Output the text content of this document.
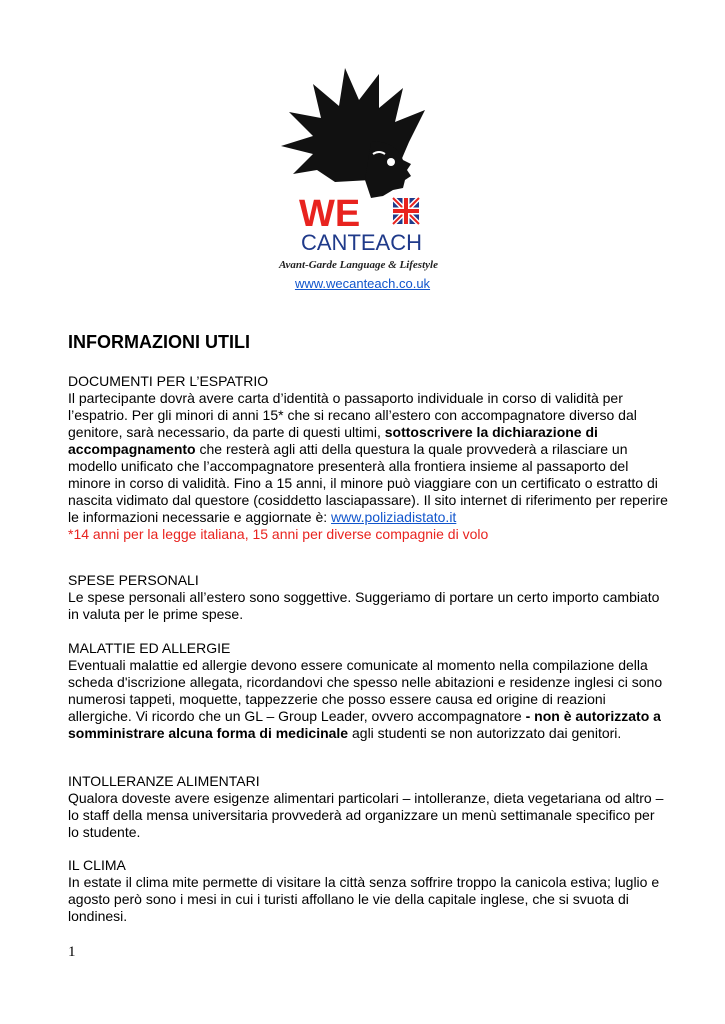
WE
CANTEACH
Avant-Garde Language & Lifestyle
www.wecanteach.co.uk
INFORMAZIONI UTILI

DOCUMENTI PER L’ESPATRIO

Il partecipante dovrà avere carta d’identità o passaporto individuale in corso di validità per l’espatrio. Per gli minori di anni 15* che si recano all’estero con accompagnatore diverso dal genitore, sarà necessario, da parte di questi ultimi, sottoscrivere la dichiarazione di accompagnamento che resterà agli atti della questura la quale provvederà a rilasciare un modello unificato che l’accompagnatore presenterà alla frontiera insieme al passaporto del minore in corso di validità. Fino a 15 anni, il minore può viaggiare con un certificato o estratto di nascita vidimato dal questore (cosiddetto lasciapassare). Il sito internet di riferimento per reperire le informazioni necessarie e aggiornate è: www.poliziadistato.it

*14 anni per la legge italiana, 15 anni per diverse compagnie di volo

SPESE PERSONALI

Le spese personali all’estero sono soggettive. Suggeriamo di portare un certo importo cambiato in valuta per le prime spese.

MALATTIE ED ALLERGIE

Eventuali malattie ed allergie devono essere comunicate al momento nella compilazione della scheda d'iscrizione allegata, ricordandovi che spesso nelle abitazioni e residenze inglesi ci sono numerosi tappeti, moquette, tappezzerie che posso essere causa ed origine di reazioni allergiche. Vi ricordo che un GL – Group Leader, ovvero accompagnatore - non è autorizzato a somministrare alcuna forma di medicinale agli studenti se non autorizzato dai genitori.

INTOLLERANZE ALIMENTARI

Qualora doveste avere esigenze alimentari particolari – intolleranze, dieta vegetariana od altro – lo staff della mensa universitaria provvederà ad organizzare un menù settimanale specifico per lo studente.

IL CLIMA

In estate il clima mite permette di visitare la città senza soffrire troppo la canicola estiva; luglio e agosto però sono i mesi in cui i turisti affollano le vie della capitale inglese, che si svuota di londinesi.

1
